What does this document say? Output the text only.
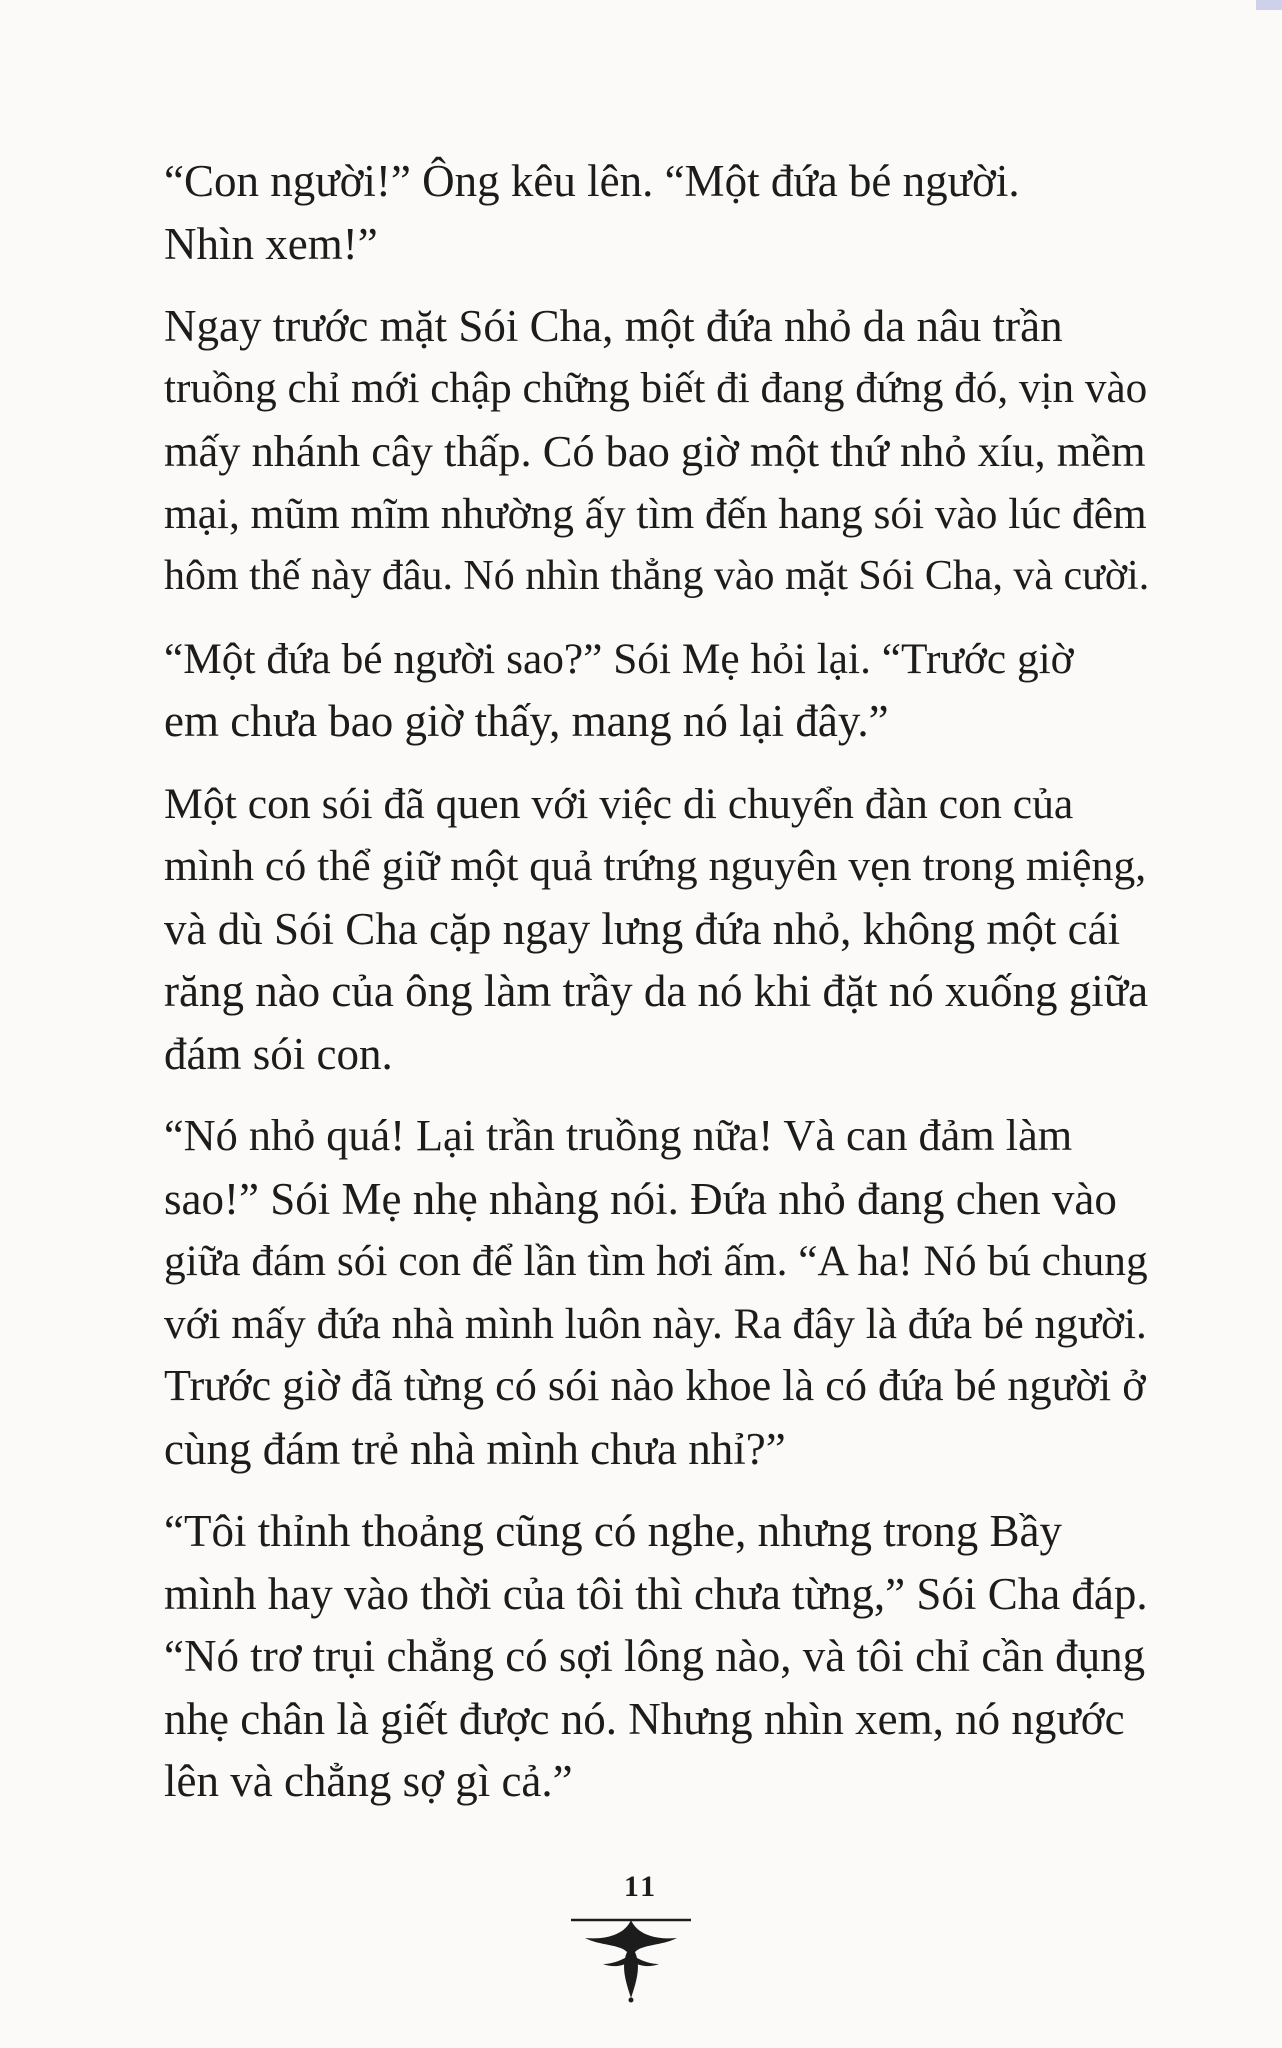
“Con người!” Ông kêu lên. “Một đứa bé người.
Nhìn xem!”

Ngay trước mặt Sói Cha, một đứa nhỏ da nâu trần
truồng chỉ mới chập chững biết đi đang đứng đó, vịn vào
mấy nhánh cây thấp. Có bao giờ một thứ nhỏ xíu, mềm
mại, mũm mĩm nhường ấy tìm đến hang sói vào lúc đêm
hôm thế này đâu. Nó nhìn thẳng vào mặt Sói Cha, và cười.

“Một đứa bé người sao?” Sói Mẹ hỏi lại. “Trước giờ
em chưa bao giờ thấy, mang nó lại đây.”

Một con sói đã quen với việc di chuyển đàn con của
mình có thể giữ một quả trứng nguyên vẹn trong miệng,
và dù Sói Cha cặp ngay lưng đứa nhỏ, không một cái
răng nào của ông làm trầy da nó khi đặt nó xuống giữa
đám sói con.

“Nó nhỏ quá! Lại trần truồng nữa! Và can đảm làm
sao!” Sói Mẹ nhẹ nhàng nói. Đứa nhỏ đang chen vào
giữa đám sói con để lần tìm hơi ấm. “A ha! Nó bú chung
với mấy đứa nhà mình luôn này. Ra đây là đứa bé người.
Trước giờ đã từng có sói nào khoe là có đứa bé người ở
cùng đám trẻ nhà mình chưa nhỉ?”

“Tôi thỉnh thoảng cũng có nghe, nhưng trong Bầy
mình hay vào thời của tôi thì chưa từng,” Sói Cha đáp.
“Nó trơ trụi chẳng có sợi lông nào, và tôi chỉ cần đụng
nhẹ chân là giết được nó. Nhưng nhìn xem, nó ngước
lên và chẳng sợ gì cả.”

11
